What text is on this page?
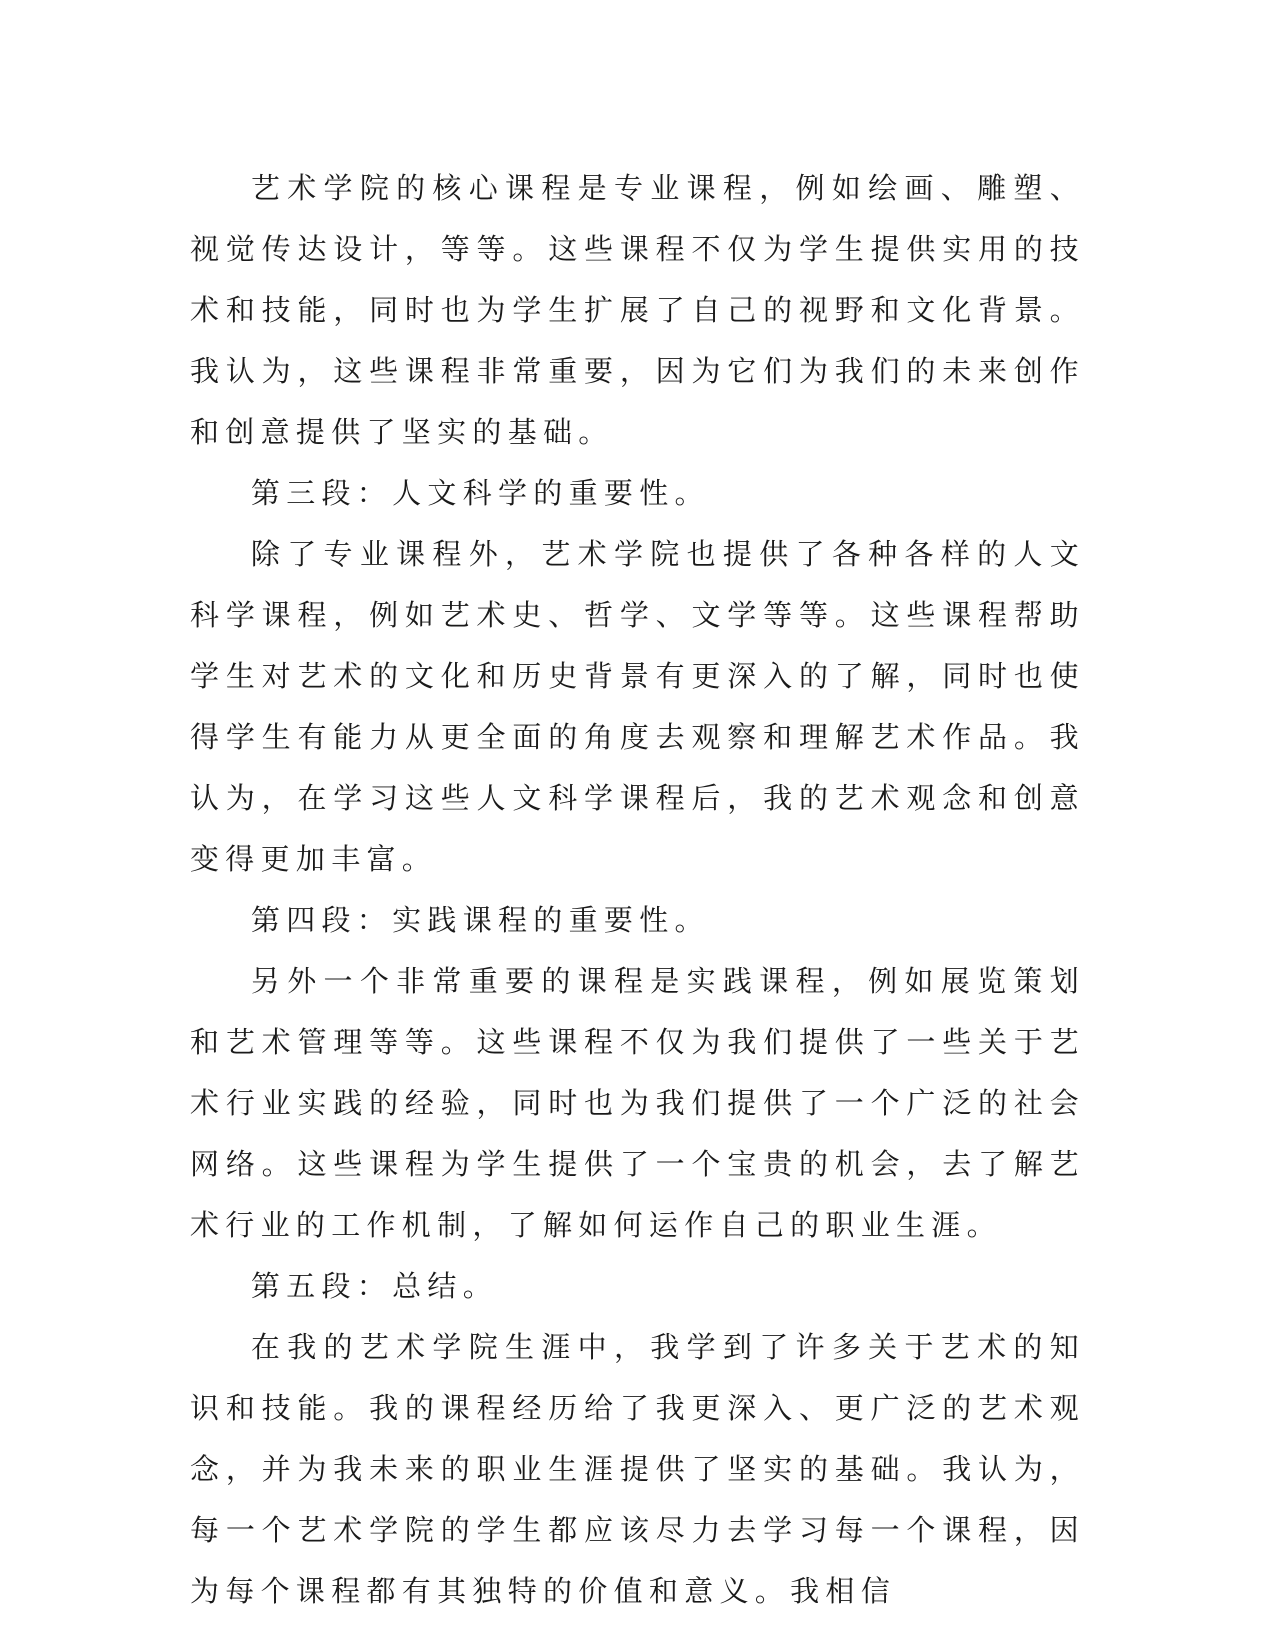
艺术学院的核心课程是专业课程，例如绘画、雕塑、视觉传达设计，等等。这些课程不仅为学生提供实用的技术和技能，同时也为学生扩展了自己的视野和文化背景。我认为，这些课程非常重要，因为它们为我们的未来创作和创意提供了坚实的基础。

第三段：人文科学的重要性。

除了专业课程外，艺术学院也提供了各种各样的人文科学课程，例如艺术史、哲学、文学等等。这些课程帮助学生对艺术的文化和历史背景有更深入的了解，同时也使得学生有能力从更全面的角度去观察和理解艺术作品。我认为，在学习这些人文科学课程后，我的艺术观念和创意变得更加丰富。

第四段：实践课程的重要性。

另外一个非常重要的课程是实践课程，例如展览策划和艺术管理等等。这些课程不仅为我们提供了一些关于艺术行业实践的经验，同时也为我们提供了一个广泛的社会网络。这些课程为学生提供了一个宝贵的机会，去了解艺术行业的工作机制，了解如何运作自己的职业生涯。

第五段：总结。

在我的艺术学院生涯中，我学到了许多关于艺术的知识和技能。我的课程经历给了我更深入、更广泛的艺术观念，并为我未来的职业生涯提供了坚实的基础。我认为，每一个艺术学院的学生都应该尽力去学习每一个课程，因为每个课程都有其独特的价值和意义。我相信
